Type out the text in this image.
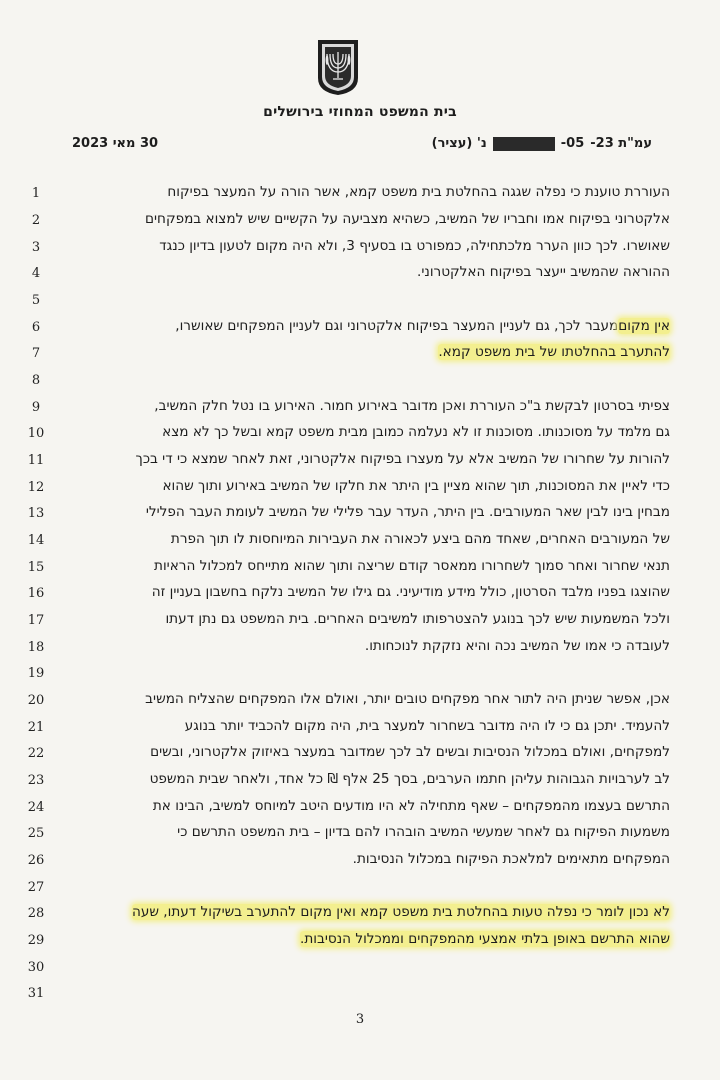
בית המשפט המחוזי בירושלים
עמ"ת 23-
05-
נ' (עציר)
30 מאי 2023
1
2
3
4
5
6
7
8
9
10
11
12
13
14
15
16
17
18
19
20
21
22
23
24
25
26
27
28
29
30
31
העוררת טוענת כי נפלה שגגה בהחלטת בית משפט קמא, אשר הורה על המעצר בפיקוח
אלקטרוני בפיקוח אמו וחבריו של המשיב, כשהיא מצביעה על הקשיים שיש למצוא במפקחים
שאושרו. לכך כוון הערר מלכתחילה, כמפורט בו בסעיף 3, ולא היה מקום לטעון בדיון כנגד
ההוראה שהמשיב ייעצר בפיקוח האלקטרוני.
אין מקוםמעבר לכך, גם לעניין המעצר בפיקוח אלקטרוני וגם לעניין המפקחים שאושרו,
להתערב בהחלטתו של בית משפט קמא.
צפיתי בסרטון לבקשת ב"כ העוררת ואכן מדובר באירוע חמור. האירוע בו נטל חלק המשיב,
גם מלמד על מסוכנותו. מסוכנות זו לא נעלמה כמובן מבית משפט קמא ובשל כך לא מצא
להורות על שחרורו של המשיב אלא על מעצרו בפיקוח אלקטרוני, זאת לאחר שמצא כי די בכך
כדי לאיין את המסוכנות, תוך שהוא מציין בין היתר את חלקו של המשיב באירוע ותוך שהוא
מבחין בינו לבין שאר המעורבים. בין היתר, העדר עבר פלילי של המשיב לעומת העבר הפלילי
של המעורבים האחרים, שאחד מהם ביצע לכאורה את העבירות המיוחסות לו תוך הפרת
תנאי שחרור ואחר סמוך לשחרורו ממאסר קודם שריצה ותוך שהוא מתייחס למכלול הראיות
שהוצגו בפניו מלבד הסרטון, כולל מידע מודיעיני. גם גילו של המשיב נלקח בחשבון בעניין זה
ולכל המשמעות שיש לכך בנוגע להצטרפותו למשיבים האחרים. בית המשפט גם נתן דעתו
לעובדה כי אמו של המשיב נכה והיא נזקקת לנוכחותו.
אכן, אפשר שניתן היה לתור אחר מפקחים טובים יותר, ואולם אלו המפקחים שהצליח המשיב
להעמיד. יתכן גם כי לו היה מדובר בשחרור למעצר בית, היה מקום להכביד יותר בנוגע
למפקחים, ואולם במכלול הנסיבות ובשים לב לכך שמדובר במעצר באיזוק אלקטרוני, ובשים
לב לערבויות הגבוהות עליהן חתמו הערבים, בסך 25 אלף ₪ כל אחד, ולאחר שבית המשפט
התרשם בעצמו מהמפקחים – שאף מתחילה לא היו מודעים היטב למיוחס למשיב, הבינו את
משמעות הפיקוח גם לאחר שמעשי המשיב הובהרו להם בדיון – בית המשפט התרשם כי
המפקחים מתאימים למלאכת הפיקוח במכלול הנסיבות.
לא נכון לומר כי נפלה טעות בהחלטת בית משפט קמא ואין מקום להתערב בשיקול דעתו, שעה
שהוא התרשם באופן בלתי אמצעי מהמפקחים וממכלול הנסיבות.
3
